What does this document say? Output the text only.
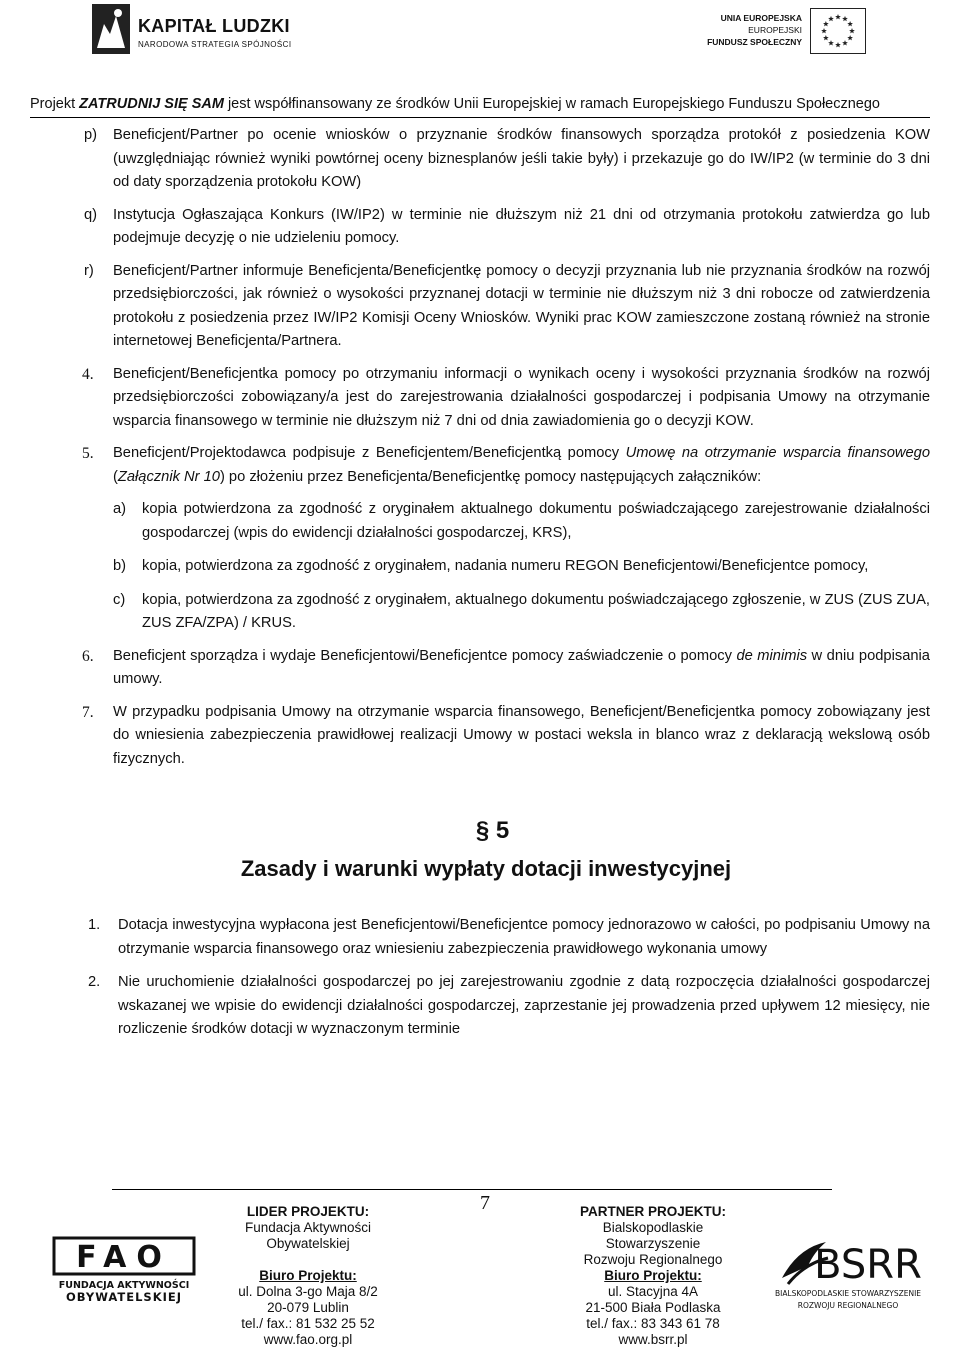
KAPITAŁ LUDZKI
NARODOWA STRATEGIA SPÓJNOŚCI
UNIA EUROPEJSKA
EUROPEJSKI
FUNDUSZ SPOŁECZNY
Projekt ZATRUDNIJ SIĘ SAM jest współfinansowany ze środków Unii Europejskiej w ramach Europejskiego Funduszu Społecznego
p) Beneficjent/Partner po ocenie wniosków o przyznanie środków finansowych sporządza protokół z posiedzenia KOW (uwzględniając również wyniki powtórnej oceny biznesplanów jeśli takie były) i przekazuje go do IW/IP2 (w terminie do 3 dni od daty sporządzenia protokołu KOW)
q) Instytucja Ogłaszająca Konkurs (IW/IP2) w terminie nie dłuższym niż 21 dni od otrzymania protokołu zatwierdza go lub podejmuje decyzję o nie udzieleniu pomocy.
r) Beneficjent/Partner informuje Beneficjenta/Beneficjentkę pomocy o decyzji przyznania lub nie przyznania środków na rozwój przedsiębiorczości, jak również o wysokości przyznanej dotacji w terminie nie dłuższym niż 3 dni robocze od zatwierdzenia protokołu z posiedzenia przez IW/IP2 Komisji Oceny Wniosków. Wyniki prac KOW zamieszczone zostaną również na stronie internetowej Beneficjenta/Partnera.
4. Beneficjent/Beneficjentka pomocy po otrzymaniu informacji o wynikach oceny i wysokości przyznania środków na rozwój przedsiębiorczości zobowiązany/a jest do zarejestrowania działalności gospodarczej i podpisania Umowy na otrzymanie wsparcia finansowego w terminie nie dłuższym niż 7 dni od dnia zawiadomienia go o decyzji KOW.
5. Beneficjent/Projektodawca podpisuje z Beneficjentem/Beneficjentką pomocy Umowę na otrzymanie wsparcia finansowego (Załącznik Nr 10) po złożeniu przez Beneficjenta/Beneficjentkę pomocy następujących załączników:
a) kopia potwierdzona za zgodność z oryginałem aktualnego dokumentu poświadczającego zarejestrowanie działalności gospodarczej (wpis do ewidencji działalności gospodarczej, KRS),
b) kopia, potwierdzona za zgodność z oryginałem, nadania numeru REGON Beneficjentowi/Beneficjentce pomocy,
c) kopia, potwierdzona za zgodność z oryginałem, aktualnego dokumentu poświadczającego zgłoszenie, w ZUS (ZUS ZUA, ZUS ZFA/ZPA) / KRUS.
6. Beneficjent sporządza i wydaje Beneficjentowi/Beneficjentce pomocy zaświadczenie o pomocy de minimis w dniu podpisania umowy.
7. W przypadku podpisania Umowy na otrzymanie wsparcia finansowego, Beneficjent/Beneficjentka pomocy zobowiązany jest do wniesienia zabezpieczenia prawidłowej realizacji Umowy w postaci weksla in blanco wraz z deklaracją wekslową osób fizycznych.
§ 5
Zasady i warunki wypłaty dotacji inwestycyjnej
1. Dotacja inwestycyjna wypłacona jest Beneficjentowi/Beneficjentce pomocy jednorazowo w całości, po podpisaniu Umowy na otrzymanie wsparcia finansowego oraz wniesieniu zabezpieczenia prawidłowego wykonania umowy
2. Nie uruchomienie działalności gospodarczej po jej zarejestrowaniu zgodnie z datą rozpoczęcia działalności gospodarczej wskazanej we wpisie do ewidencji działalności gospodarczej, zaprzestanie jej prowadzenia przed upływem 12 miesięcy, nie rozliczenie środków dotacji w wyznaczonym terminie
7
FAO
FUNDACJA AKTYWNOŚCI
OBYWATELSKIEJ
LIDER PROJEKTU:
Fundacja Aktywności
Obywatelskiej
Biuro Projektu:
ul. Dolna 3-go Maja 8/2
20-079 Lublin
tel./ fax.: 81 532 25 52
www.fao.org.pl
PARTNER PROJEKTU:
Bialskopodlaskie
Stowarzyszenie
Rozwoju Regionalnego
Biuro Projektu:
ul. Stacyjna 4A
21-500 Biała Podlaska
tel./ fax.: 83 343 61 78
www.bsrr.pl
BSRR
BIALSKOPODLASKIE STOWARZYSZENIE
ROZWOJU REGIONALNEGO
